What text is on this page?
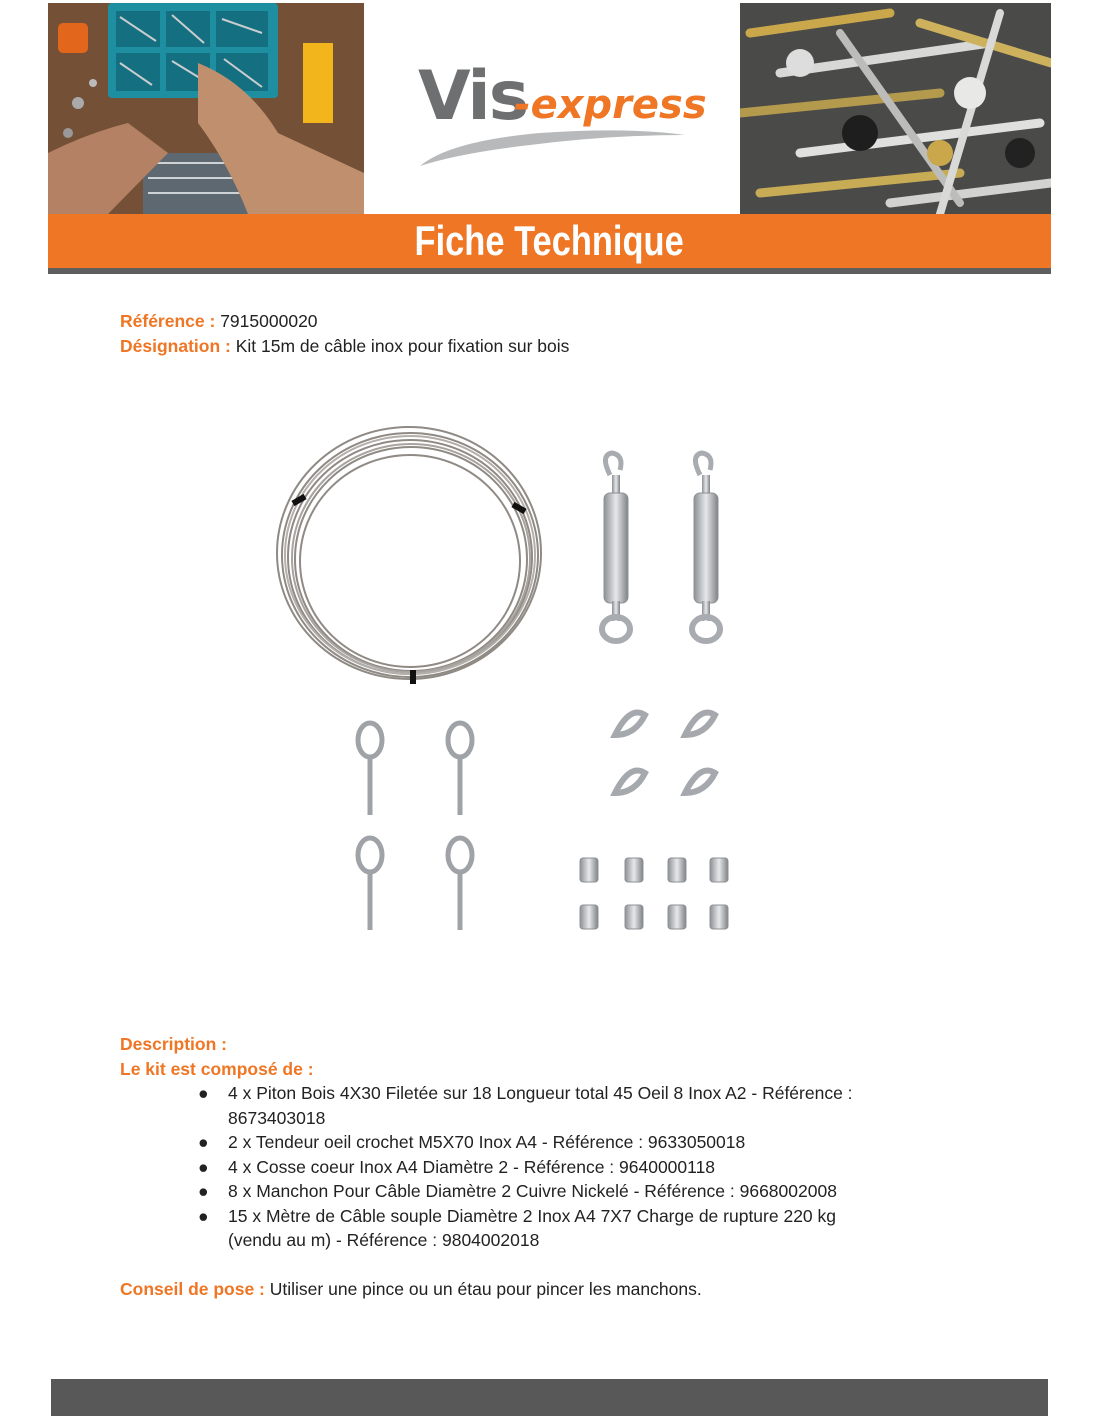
Vis
-express
Fiche Technique
Référence : 7915000020
Désignation : Kit 15m de câble inox pour fixation sur bois
Description :
Le kit est composé de :
● 4 x Piton Bois 4X30 Filetée sur 18 Longueur total 45 Oeil 8 Inox A2 - Référence :
8673403018
● 2 x Tendeur oeil crochet M5X70 Inox A4 - Référence : 9633050018
● 4 x Cosse coeur Inox A4 Diamètre 2 - Référence : 9640000118
● 8 x Manchon Pour Câble Diamètre 2 Cuivre Nickelé - Référence : 9668002008
● 15 x Mètre de Câble souple Diamètre 2 Inox A4 7X7 Charge de rupture 220 kg
(vendu au m) - Référence : 9804002018
Conseil de pose : Utiliser une pince ou un étau pour pincer les manchons.
